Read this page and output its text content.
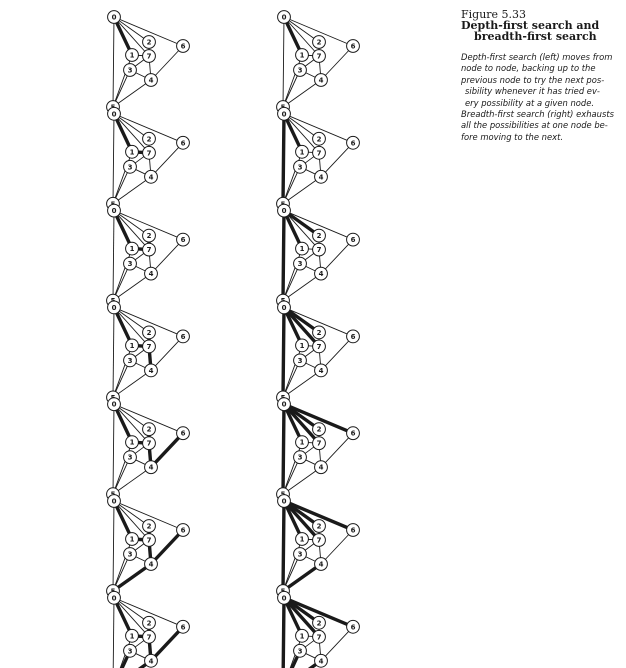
0
1
2
3
4
6
7
0
1
2
3
4
6
7
0
1
2
3
4
6
7
0
1
2
3
4
6
7
0
1
2
3
4
6
7
0
1
2
3
4
6
7
0
1
2
3
4
6
7
0
1
2
3
4
6
7
0
1
2
3
4
6
7
0
1
2
3
4
6
7
0
1
2
3
4
6
7
0
1
2
3
4
6
7
0
1
2
3
4
6
7
0
1
2
3
4
6
7
Figure 5.33
Depth-first search and
breadth-first search
Depth-first search (left) moves from
node to node, backing up to the
previous node to try the next pos-
sibility whenever it has tried ev-
ery possibility at a given node.
Breadth-first search (right) exhausts
all the possibilities at one node be-
fore moving to the next.
